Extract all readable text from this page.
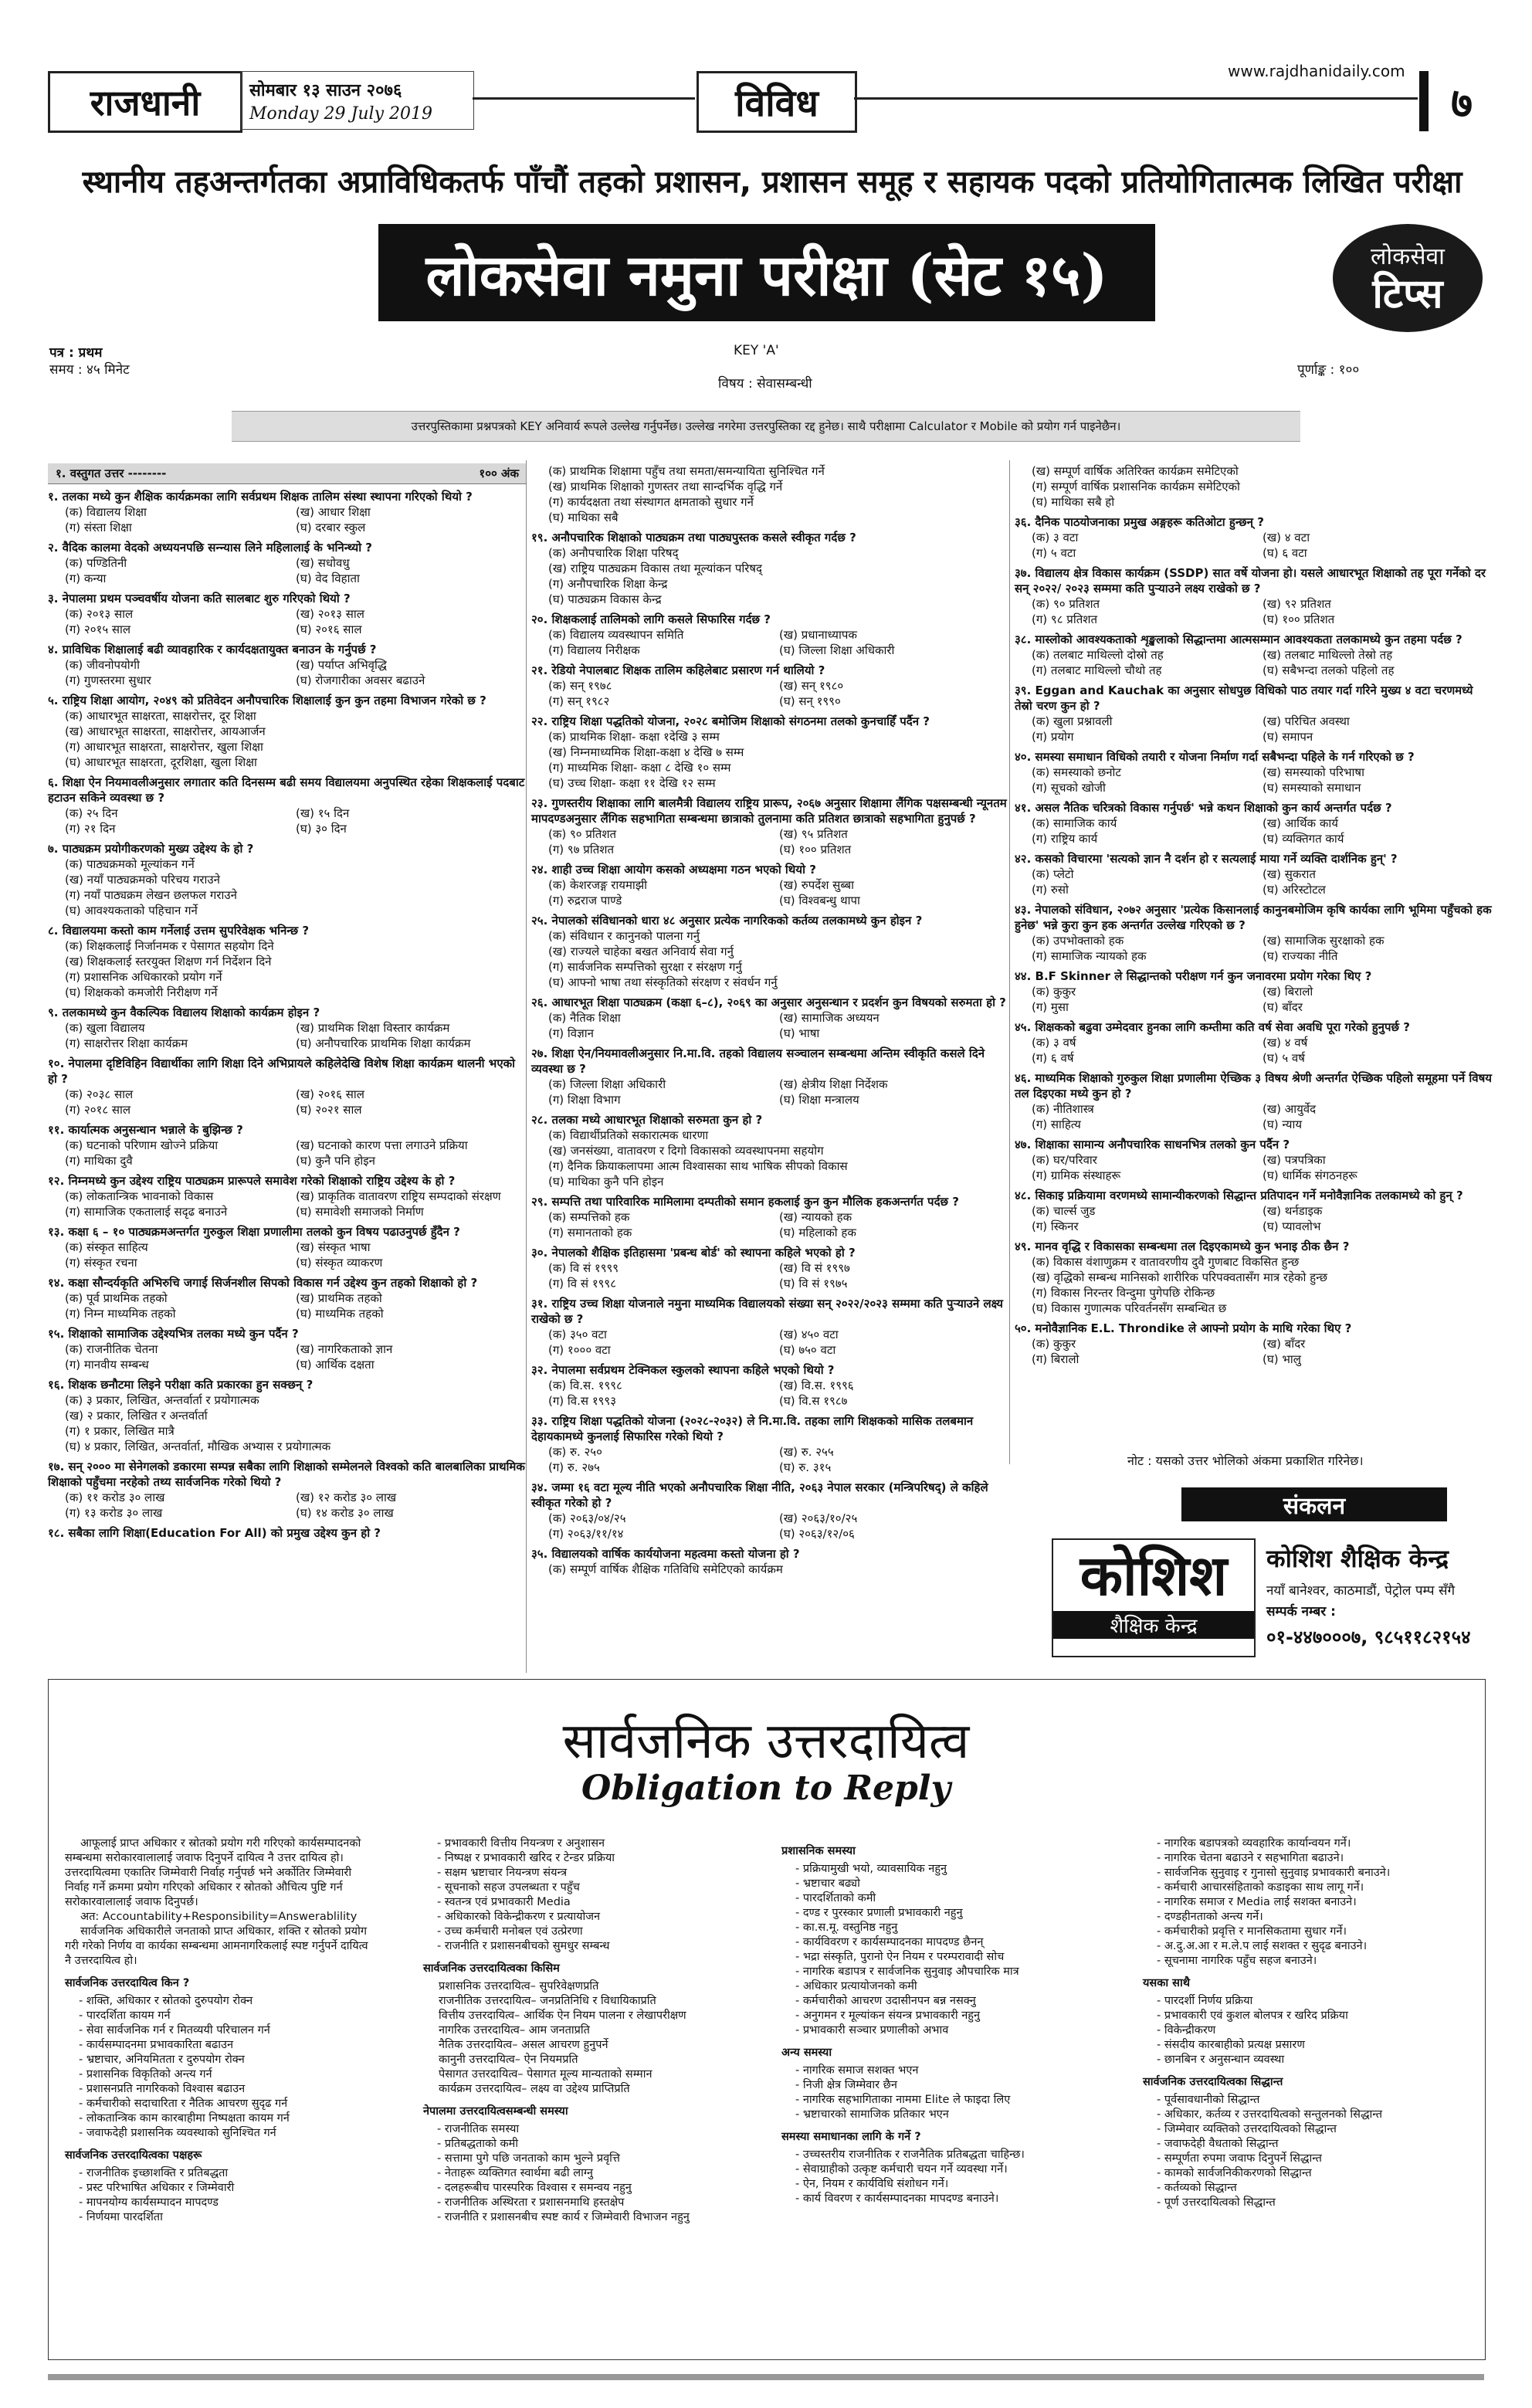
www.rajdhanidaily.com
राजधानी	सोमबार १३ साउन २०७६
Monday 29 July 2019	विविध	७
स्थानीय तहअन्तर्गतका अप्राविधिकतर्फ पाँचौं तहको प्रशासन, प्रशासन समूह र सहायक पदको प्रतियोगितात्मक लिखित परीक्षा
लोकसेवा नमुना परीक्षा (सेट १५)	लोकसेवा
टिप्स
पत्र : प्रथम
समय : ४५ मिनेट
KEY 'A'
विषय : सेवासम्बन्धी
पूर्णाङ्क : १००
उत्तरपुस्तिकामा प्रश्नपत्रको KEY अनिवार्य रूपले उल्लेख गर्नुपर्नेछ। उल्लेख नगरेमा उत्तरपुस्तिका रद्द हुनेछ। साथै परीक्षामा Calculator र Mobile को प्रयोग गर्न पाइनेछैन।
१. वस्तुगत उत्तर --------	१०० अंक
१. तलका मध्ये कुन शैक्षिक कार्यक्रमका लागि सर्वप्रथम शिक्षक तालिम संस्था स्थापना गरिएको थियो ?
(क) विद्यालय शिक्षा	(ख) आधार शिक्षा
(ग) संस्ता शिक्षा	(घ) दरबार स्कुल
२. वैदिक कालमा वेदको अध्ययनपछि सन्न्यास लिने महिलालाई के भनिन्थ्यो ?
(क) पण्डितिनी	(ख) सधोवधु
(ग) कन्या	(घ) वेद विहाता
३. नेपालमा प्रथम पञ्चवर्षीय योजना कति सालबाट शुरु गरिएको थियो ?
(क) २०१३ साल	(ख) २०१३ साल
(ग) २०१५ साल	(घ) २०१६ साल
४. प्राविधिक शिक्षालाई बढी व्यावहारिक र कार्यदक्षतायुक्त बनाउन के गर्नुपर्छ ?
(क) जीवनोपयोगी	(ख) पर्याप्त अभिवृद्धि
(ग) गुणस्तरमा सुधार	(घ) रोजगारीका अवसर बढाउने
५. राष्ट्रिय शिक्षा आयोग, २०४९ को प्रतिवेदन अनौपचारिक शिक्षालाई कुन कुन तहमा विभाजन गरेको छ ?
(क) आधारभूत साक्षरता, साक्षरोत्तर, दूर शिक्षा
(ख) आधारभूत साक्षरता, साक्षरोत्तर, आयआर्जन
(ग) आधारभूत साक्षरता, साक्षरोत्तर, खुला शिक्षा
(घ) आधारभूत साक्षरता, दूरशिक्षा, खुला शिक्षा
६. शिक्षा ऐन नियमावलीअनुसार लगातार कति दिनसम्म बढी समय विद्यालयमा अनुपस्थित रहेका शिक्षकलाई पदबाट हटाउन सकिने व्यवस्था छ ?
(क) २५ दिन	(ख) १५ दिन
(ग) २१ दिन	(घ) ३० दिन
७. पाठ्यक्रम प्रयोगीकरणको मुख्य उद्देश्य के हो ?
(क) पाठ्यक्रमको मूल्यांकन गर्ने
(ख) नयाँ पाठ्यक्रमको परिचय गराउने
(ग) नयाँ पाठ्यक्रम लेखन छलफल गराउने
(घ) आवश्यकताको पहिचान गर्ने
८. विद्यालयमा कस्तो काम गर्नेलाई उत्तम सुपरिवेक्षक भनिन्छ ?
(क) शिक्षकलाई निर्जानमक र पेसागत सहयोग दिने
(ख) शिक्षकलाई स्तरयुक्त शिक्षण गर्न निर्देशन दिने
(ग) प्रशासनिक अधिकारको प्रयोग गर्ने
(घ) शिक्षकको कमजोरी निरीक्षण गर्ने
९. तलकामध्ये कुन वैकल्पिक विद्यालय शिक्षाको कार्यक्रम होइन ?
(क) खुला विद्यालय	(ख) प्राथमिक शिक्षा विस्तार कार्यक्रम
(ग) साक्षरोत्तर शिक्षा कार्यक्रम	(घ) अनौपचारिक प्राथमिक शिक्षा कार्यक्रम
१०. नेपालमा दृष्टिविहिन विद्यार्थीका लागि शिक्षा दिने अभिप्रायले कहिलेदेखि विशेष शिक्षा कार्यक्रम थालनी भएको हो ?
(क) २०३८ साल	(ख) २०१६ साल
(ग) २०१८ साल	(घ) २०२१ साल
११. कार्यात्मक अनुसन्धान भन्नाले के बुझिन्छ ?
(क) घटनाको परिणाम खोज्ने प्रक्रिया	(ख) घटनाको कारण पत्ता लगाउने प्रक्रिया
(ग) माथिका दुवै	(घ) कुनै पनि होइन
१२. निम्नमध्ये कुन उद्देश्य राष्ट्रिय पाठ्यक्रम प्रारूपले समावेश गरेको शिक्षाको राष्ट्रिय उद्देश्य के हो ?
(क) लोकतान्त्रिक भावनाको विकास	(ख) प्राकृतिक वातावरण राष्ट्रिय सम्पदाको संरक्षण
(ग) सामाजिक एकतालाई सदृढ बनाउने	(घ) समावेशी समाजको निर्माण
१३. कक्षा ६ – १० पाठ्यक्रमअन्तर्गत गुरुकुल शिक्षा प्रणालीमा तलको कुन विषय पढाउनुपर्छ हुँदैन ?
(क) संस्कृत साहित्य	(ख) संस्कृत भाषा
(ग) संस्कृत रचना	(घ) संस्कृत व्याकरण
१४. कक्षा सौन्दर्यकृति अभिरुचि जगाई सिर्जनशील सिपको विकास गर्न उद्देश्य कुन तहको शिक्षाको हो ?
(क) पूर्व प्राथमिक तहको	(ख) प्राथमिक तहको
(ग) निम्न माध्यमिक तहको	(घ) माध्यमिक तहको
१५. शिक्षाको सामाजिक उद्देश्यभित्र तलका मध्ये कुन पर्दैन ?
(क) राजनीतिक चेतना	(ख) नागरिकताको ज्ञान
(ग) मानवीय सम्बन्ध	(घ) आर्थिक दक्षता
१६. शिक्षक छनौटमा लिइने परीक्षा कति प्रकारका हुन सक्छन् ?
(क) ३ प्रकार, लिखित, अन्तर्वार्ता र प्रयोगात्मक
(ख) २ प्रकार, लिखित र अन्तर्वार्ता
(ग) १ प्रकार, लिखित मात्रै
(घ) ४ प्रकार, लिखित, अन्तर्वार्ता, मौखिक अभ्यास र प्रयोगात्मक
१७. सन् २००० मा सेनेगलको डकारमा सम्पन्न सबैका लागि शिक्षाको सम्मेलनले विश्वको कति बालबालिका प्राथमिक शिक्षाको पहुँचमा नरहेको तथ्य सार्वजनिक गरेको थियो ?
(क) ११ करोड ३० लाख	(ख) १२ करोड ३० लाख
(ग) १३ करोड ३० लाख	(घ) १४ करोड ३० लाख
१८. सबैका लागि शिक्षा(Education For All) को प्रमुख उद्देश्य कुन हो ?
(क) प्राथमिक शिक्षामा पहुँच तथा समता/समन्यायिता सुनिश्चित गर्ने
(ख) प्राथमिक शिक्षाको गुणस्तर तथा सान्दर्भिक वृद्धि गर्ने
(ग) कार्यदक्षता तथा संस्थागत क्षमताको सुधार गर्ने
(घ) माथिका सबै
१९. अनौपचारिक शिक्षाको पाठ्यक्रम तथा पाठ्यपुस्तक कसले स्वीकृत गर्दछ ?
(क) अनौपचारिक शिक्षा परिषद्
(ख) राष्ट्रिय पाठ्यक्रम विकास तथा मूल्यांकन परिषद्
(ग) अनौपचारिक शिक्षा केन्द्र
(घ) पाठ्यक्रम विकास केन्द्र
२०. शिक्षकलाई तालिमको लागि कसले सिफारिस गर्दछ ?
(क) विद्यालय व्यवस्थापन समिति	(ख) प्रधानाध्यापक
(ग) विद्यालय निरीक्षक	(घ) जिल्ला शिक्षा अधिकारी
२१. रेडियो नेपालबाट शिक्षक तालिम कहिलेबाट प्रसारण गर्न थालियो ?
(क) सन् १९७८	(ख) सन् १९८०
(ग) सन् १९८२	(घ) सन् १९९०
२२. राष्ट्रिय शिक्षा पद्धतिको योजना, २०२८ बमोजिम शिक्षाको संगठनमा तलको कुनचाहिँ पर्दैन ?
(क) प्राथमिक शिक्षा- कक्षा १देखि ३ सम्म
(ख) निम्नमाध्यमिक शिक्षा-कक्षा ४ देखि ७ सम्म
(ग) माध्यमिक शिक्षा- कक्षा ८ देखि १० सम्म
(घ) उच्च शिक्षा- कक्षा ११ देखि १२ सम्म
२३. गुणस्तरीय शिक्षाका लागि बालमैत्री विद्यालय राष्ट्रिय प्रारूप, २०६७ अनुसार शिक्षामा लैंगिक पक्षसम्बन्धी न्यूनतम मापदण्डअनुसार लैंगिक सहभागिता सम्बन्धमा छात्राको तुलनामा कति प्रतिशत छात्राको सहभागिता हुनुपर्छ ?
(क) ९० प्रतिशत	(ख) ९५ प्रतिशत
(ग) ९७ प्रतिशत	(घ) १०० प्रतिशत
२४. शाही उच्च शिक्षा आयोग कसको अध्यक्षमा गठन भएको थियो ?
(क) केशरजङ्ग रायमाझी	(ख) रुपर्देश सुब्बा
(ग) रुद्रराज पाण्डे	(घ) विश्वबन्धु थापा
२५. नेपालको संविधानको धारा ४८ अनुसार प्रत्येक नागरिकको कर्तव्य तलकामध्ये कुन होइन ?
(क) संविधान र कानुनको पालना गर्नु
(ख) राज्यले चाहेका बखत अनिवार्य सेवा गर्नु
(ग) सार्वजनिक सम्पत्तिको सुरक्षा र संरक्षण गर्नु
(घ) आफ्नो भाषा तथा संस्कृतिको संरक्षण र संवर्धन गर्नु
२६. आधारभूत शिक्षा पाठ्यक्रम (कक्षा ६–८), २०६९ का अनुसार अनुसन्धान र प्रदर्शन कुन विषयको सरुमता हो ?
(क) नैतिक शिक्षा	(ख) सामाजिक अध्ययन
(ग) विज्ञान	(घ) भाषा
२७. शिक्षा ऐन/नियमावलीअनुसार नि.मा.वि. तहको विद्यालय सञ्चालन सम्बन्धमा अन्तिम स्वीकृति कसले दिने व्यवस्था छ ?
(क) जिल्ला शिक्षा अधिकारी	(ख) क्षेत्रीय शिक्षा निर्देशक
(ग) शिक्षा विभाग	(घ) शिक्षा मन्त्रालय
२८. तलका मध्ये आधारभूत शिक्षाको सरुमता कुन हो ?
(क) विद्यार्थीप्रतिको सकारात्मक धारणा
(ख) जनसंख्या, वातावरण र दिगो विकासको व्यवस्थापनमा सहयोग
(ग) दैनिक क्रियाकलापमा आत्म विश्वासका साथ भाषिक सीपको विकास
(घ) माथिका कुनै पनि होइन
२९. सम्पत्ति तथा पारिवारिक मामिलामा दम्पतीको समान हकलाई कुन कुन मौलिक हकअन्तर्गत पर्दछ ?
(क) सम्पत्तिको हक	(ख) न्यायको हक
(ग) समानताको हक	(घ) महिलाको हक
३०. नेपालको शैक्षिक इतिहासमा 'प्रबन्ध बोर्ड' को स्थापना कहिले भएको हो ?
(क) वि सं १९९९	(ख) वि सं १९९७
(ग) वि सं १९९८	(घ) वि सं १९७५
३१. राष्ट्रिय उच्च शिक्षा योजनाले नमुना माध्यमिक विद्यालयको संख्या सन् २०२२/२०२३ सम्ममा कति पुऱ्याउने लक्ष्य राखेको छ ?
(क) ३५० वटा	(ख) ४५० वटा
(ग) १००० वटा	(घ) ७५० वटा
३२. नेपालमा सर्वप्रथम टेक्निकल स्कुलको स्थापना कहिले भएको थियो ?
(क) वि.स. १९९८	(ख) वि.स. १९९६
(ग) वि.स १९९३	(घ) वि.स १९८७
३३. राष्ट्रिय शिक्षा पद्धतिको योजना (२०२८-२०३२) ले नि.मा.वि. तहका लागि शिक्षकको मासिक तलबमान देहायकामध्ये कुनलाई सिफारिस गरेको थियो ?
(क) रु. २५०	(ख) रु. २५५
(ग) रु. २७५	(घ) रु. ३१५
३४. जम्मा १६ वटा मूल्य नीति भएको अनौपचारिक शिक्षा नीति, २०६३ नेपाल सरकार (मन्त्रिपरिषद्) ले कहिले स्वीकृत गरेको हो ?
(क) २०६३/०४/२५	(ख) २०६३/१०/२५
(ग) २०६३/११/१४	(घ) २०६३/१२/०६
३५. विद्यालयको वार्षिक कार्ययोजना महत्वमा कस्तो योजना हो ?
(क) सम्पूर्ण वार्षिक शैक्षिक गतिविधि समेटिएको कार्यक्रम
(ख) सम्पूर्ण वार्षिक अतिरिक्त कार्यक्रम समेटिएको
(ग) सम्पूर्ण वार्षिक प्रशासनिक कार्यक्रम समेटिएको
(घ) माथिका सबै हो
३६. दैनिक पाठयोजनाका प्रमुख अङ्गहरू कतिओटा हुन्छन् ?
(क) ३ वटा	(ख) ४ वटा
(ग) ५ वटा	(घ) ६ वटा
३७. विद्यालय क्षेत्र विकास कार्यक्रम (SSDP) सात वर्षे योजना हो। यसले आधारभूत शिक्षाको तह पूरा गर्नेको दर सन् २०२२/ २०२३ सम्ममा कति पुऱ्याउने लक्ष्य राखेको छ ?
(क) ९० प्रतिशत	(ख) ९२ प्रतिशत
(ग) ९८ प्रतिशत	(घ) १०० प्रतिशत
३८. मास्लोको आवश्यकताको शृङ्खलाको सिद्धान्तमा आत्मसम्मान आवश्यकता तलकामध्ये कुन तहमा पर्दछ ?
(क) तलबाट माथिल्लो दोस्रो तह	(ख) तलबाट माथिल्लो तेस्रो तह
(ग) तलबाट माथिल्लो चौथो तह	(घ) सबैभन्दा तलको पहिलो तह
३९. Eggan and Kauchak का अनुसार सोधपुछ विधिको पाठ तयार गर्दा गरिने मुख्य ४ वटा चरणमध्ये तेस्रो चरण कुन हो ?
(क) खुला प्रश्नावली	(ख) परिचित अवस्था
(ग) प्रयोग	(घ) समापन
४०. समस्या समाधान विधिको तयारी र योजना निर्माण गर्दा सबैभन्दा पहिले के गर्न गरिएको छ ?
(क) समस्याको छनोट	(ख) समस्याको परिभाषा
(ग) सूचको खोजी	(घ) समस्याको समाधान
४१. असल नैतिक चरित्रको विकास गर्नुपर्छ' भन्ने कथन शिक्षाको कुन कार्य अन्तर्गत पर्दछ ?
(क) सामाजिक कार्य	(ख) आर्थिक कार्य
(ग) राष्ट्रिय कार्य	(घ) व्यक्तिगत कार्य
४२. कसको विचारमा 'सत्यको ज्ञान नै दर्शन हो र सत्यलाई माया गर्ने व्यक्ति दार्शनिक हुन्' ?
(क) प्लेटो	(ख) सुकरात
(ग) रुसो	(घ) अरिस्टोटल
४३. नेपालको संविधान, २०७२ अनुसार 'प्रत्येक किसानलाई कानुनबमोजिम कृषि कार्यका लागि भूमिमा पहुँचको हक हुनेछ' भन्ने कुरा कुन हक अन्तर्गत उल्लेख गरिएको छ ?
(क) उपभोक्ताको हक	(ख) सामाजिक सुरक्षाको हक
(ग) सामाजिक न्यायको हक	(घ) राज्यका नीति
४४. B.F Skinner ले सिद्धान्तको परीक्षण गर्न कुन जनावरमा प्रयोग गरेका थिए ?
(क) कुकुर	(ख) बिरालो
(ग) मुसा	(घ) बाँदर
४५. शिक्षकको बढुवा उम्मेदवार हुनका लागि कम्तीमा कति वर्ष सेवा अवधि पूरा गरेको हुनुपर्छ ?
(क) ३ वर्ष	(ख) ४ वर्ष
(ग) ६ वर्ष	(घ) ५ वर्ष
४६. माध्यमिक शिक्षाको गुरुकुल शिक्षा प्रणालीमा ऐच्छिक ३ विषय श्रेणी अन्तर्गत ऐच्छिक पहिलो समूहमा पर्ने विषय तल दिइएका मध्ये कुन हो ?
(क) नीतिशास्त्र	(ख) आयुर्वेद
(ग) साहित्य	(घ) न्याय
४७. शिक्षाका सामान्य अनौपचारिक साधनभित्र तलको कुन पर्दैन ?
(क) घर/परिवार	(ख) पत्रपत्रिका
(ग) ग्रामिक संस्थाहरू	(घ) धार्मिक संगठनहरू
४८. सिकाइ प्रक्रियामा वरणमध्ये सामान्यीकरणको सिद्धान्त प्रतिपादन गर्ने मनोवैज्ञानिक तलकामध्ये को हुन् ?
(क) चार्ल्स जुड	(ख) थर्नडाइक
(ग) स्किनर	(घ) प्यावलोभ
४९. मानव वृद्धि र विकासका सम्बन्धमा तल दिइएकामध्ये कुन भनाइ ठीक छैन ?
(क) विकास वंशाणुक्रम र वातावरणीय दुवै गुणबाट विकसित हुन्छ
(ख) वृद्धिको सम्बन्ध मानिसको शारीरिक परिपक्वतासँग मात्र रहेको हुन्छ
(ग) विकास निरन्तर विन्दुमा पुगेपछि रोकिन्छ
(घ) विकास गुणात्मक परिवर्तनसँग सम्बन्धित छ
५०. मनोवैज्ञानिक E.L. Throndike ले आफ्नो प्रयोग के माथि गरेका थिए ?
(क) कुकुर	(ख) बाँदर
(ग) बिरालो	(घ) भालु
नोट : यसको उत्तर भोलिको अंकमा प्रकाशित गरिनेछ।
संकलन
कोशिश
शैक्षिक केन्द्र
कोशिश शैक्षिक केन्द्र
नयाँ बानेश्वर, काठमाडौं, पेट्रोल पम्प सँगै
सम्पर्क नम्बर :
०१-४४७०००७, ९८५११८२१५४
सार्वजनिक उत्तरदायित्व
Obligation to Reply
आफूलाई प्राप्त अधिकार र स्रोतको प्रयोग गरी गरिएको कार्यसम्पादनको सम्बन्धमा सरोकारवालालाई जवाफ दिनुपर्ने दायित्व नै उत्तर दायित्व हो। उत्तरदायित्वमा एकातिर जिम्मेवारी निर्वाह गर्नुपर्छ भने अर्कोतिर जिम्मेवारी निर्वाह गर्ने क्रममा प्रयोग गरिएको अधिकार र स्रोतको औचित्य पुष्टि गर्न सरोकारवालालाई जवाफ दिनुपर्छ।
अत: Accountability+Responsibility=Answerablility
सार्वजनिक अधिकारीले जनताको प्राप्त अधिकार, शक्ति र स्रोतको प्रयोग गरी गरेको निर्णय वा कार्यका सम्बन्धमा आमनागरिकलाई स्पष्ट गर्नुपर्ने दायित्व नै उत्तरदायित्व हो।
सार्वजनिक उत्तरदायित्व किन ?
- शक्ति, अधिकार र स्रोतको दुरुपयोग रोक्न
- पारदर्शिता कायम गर्न
- सेवा सार्वजनिक गर्न र मितव्ययी परिचालन गर्न
- कार्यसम्पादनमा प्रभावकारिता बढाउन
- भ्रष्टाचार, अनियमितता र दुरुपयोग रोक्न
- प्रशासनिक विकृतिको अन्त्य गर्न
- प्रशासनप्रति नागरिकको विश्वास बढाउन
- कर्मचारीको सदाचारिता र नैतिक आचरण सुदृढ गर्न
- लोकतान्त्रिक काम कारबाहीमा निष्पक्षता कायम गर्न
- जवाफदेही प्रशासनिक व्यवस्थाको सुनिश्चित गर्न
सार्वजनिक उत्तरदायित्वका पक्षहरू
- राजनीतिक इच्छाशक्ति र प्रतिबद्धता
- प्रस्ट परिभाषित अधिकार र जिम्मेवारी
- मापनयोग्य कार्यसम्पादन मापदण्ड
- निर्णयमा पारदर्शिता
- प्रभावकारी वित्तीय नियन्त्रण र अनुशासन
- निष्पक्ष र प्रभावकारी खरिद र टेन्डर प्रक्रिया
- सक्षम भ्रष्टाचार नियन्त्रण संयन्त्र
- सूचनाको सहज उपलब्धता र पहुँच
- स्वतन्त्र एवं प्रभावकारी Media
- अधिकारको विकेन्द्रीकरण र प्रत्यायोजन
- उच्च कर्मचारी मनोबल एवं उत्प्रेरणा
- राजनीति र प्रशासनबीचको सुमधुर सम्बन्ध
सार्वजनिक उत्तरदायित्वका किसिम
प्रशासनिक उत्तरदायित्व– सुपरिवेक्षणप्रति
राजनीतिक उत्तरदायित्व– जनप्रतिनिधि र विधायिकाप्रति
वित्तीय उत्तरदायित्व– आर्थिक ऐन नियम पालना र लेखापरीक्षण
नागरिक उत्तरदायित्व– आम जनताप्रति
नैतिक उत्तरदायित्व– असल आचरण हुनुपर्ने
कानुनी उत्तरदायित्व– ऐन नियमप्रति
पेसागत उत्तरदायित्व– पेसागत मूल्य मान्यताको सम्मान
कार्यक्रम उत्तरदायित्व– लक्ष्य वा उद्देश्य प्राप्तिप्रति
नेपालमा उत्तरदायित्वसम्बन्धी समस्या
- राजनीतिक समस्या
- प्रतिबद्धताको कमी
- सत्तामा पुगे पछि जनताको काम भुल्ने प्रवृत्ति
- नेताहरू व्यक्तिगत स्वार्थमा बढी लाग्नु
- दलहरूबीच पारस्परिक विश्वास र समन्वय नहुनु
- राजनीतिक अस्थिरता र प्रशासनमाथि हस्तक्षेप
- राजनीति र प्रशासनबीच स्पष्ट कार्य र जिम्मेवारी विभाजन नहुनु
प्रशासनिक समस्या
- प्रक्रियामुखी भयो, व्यावसायिक नहुनु
- भ्रष्टाचार बढ्यो
- पारदर्शिताको कमी
- दण्ड र पुरस्कार प्रणाली प्रभावकारी नहुनु
- का.स.मू. वस्तुनिष्ठ नहुनु
- कार्यविवरण र कार्यसम्पादनका मापदण्ड छैनन्
- भद्रा संस्कृति, पुरानो ऐन नियम र परम्परावादी सोच
- नागरिक बडापत्र र सार्वजनिक सुनुवाइ औपचारिक मात्र
- अधिकार प्रत्यायोजनको कमी
- कर्मचारीको आचरण उदासीनपन बन्न नसक्नु
- अनुगमन र मूल्यांकन संयन्त्र प्रभावकारी नहुनु
- प्रभावकारी सञ्चार प्रणालीको अभाव
अन्य समस्या
- नागरिक समाज सशक्त भएन
- निजी क्षेत्र जिम्मेवार छैन
- नागरिक सहभागिताका नाममा Elite ले फाइदा लिए
- भ्रष्टाचारको सामाजिक प्रतिकार भएन
समस्या समाधानका लागि के गर्ने ?
- उच्चस्तरीय राजनीतिक र राजनैतिक प्रतिबद्धता चाहिन्छ।
- सेवाग्राहीको उत्कृष्ट कर्मचारी चयन गर्ने व्यवस्था गर्ने।
- ऐन, नियम र कार्यविधि संशोधन गर्ने।
- कार्य विवरण र कार्यसम्पादनका मापदण्ड बनाउने।
- नागरिक बडापत्रको व्यवहारिक कार्यान्वयन गर्ने।
- नागरिक चेतना बढाउने र सहभागिता बढाउने।
- सार्वजनिक सुनुवाइ र गुनासो सुनुवाइ प्रभावकारी बनाउने।
- कर्मचारी आचारसंहिताको कडाइका साथ लागू गर्ने।
- नागरिक समाज र Media लाई सशक्त बनाउने।
- दण्डहीनताको अन्त्य गर्ने।
- कर्मचारीको प्रवृत्ति र मानसिकतामा सुधार गर्ने।
- अ.दु.अ.आ र म.ले.प लाई सशक्त र सुदृढ बनाउने।
- सूचनामा नागरिक पहुँच सहज बनाउने।
यसका साथै
- पारदर्शी निर्णय प्रक्रिया
- प्रभावकारी एवं कुशल बोलपत्र र खरिद प्रक्रिया
- विकेन्द्रीकरण
- संसदीय कारबाहीको प्रत्यक्ष प्रसारण
- छानबिन र अनुसन्धान व्यवस्था
सार्वजनिक उत्तरदायित्वका सिद्धान्त
- पूर्वसावधानीको सिद्धान्त
- अधिकार, कर्तव्य र उत्तरदायित्वको सन्तुलनको सिद्धान्त
- जिम्मेवार व्यक्तिको उत्तरदायित्वको सिद्धान्त
- जवाफदेही वैधताको सिद्धान्त
- सम्पूर्णता रुपमा जवाफ दिनुपर्ने सिद्धान्त
- कामको सार्वजनिकीकरणको सिद्धान्त
- कर्तव्यको सिद्धान्त
- पूर्ण उत्तरदायित्वको सिद्धान्त
